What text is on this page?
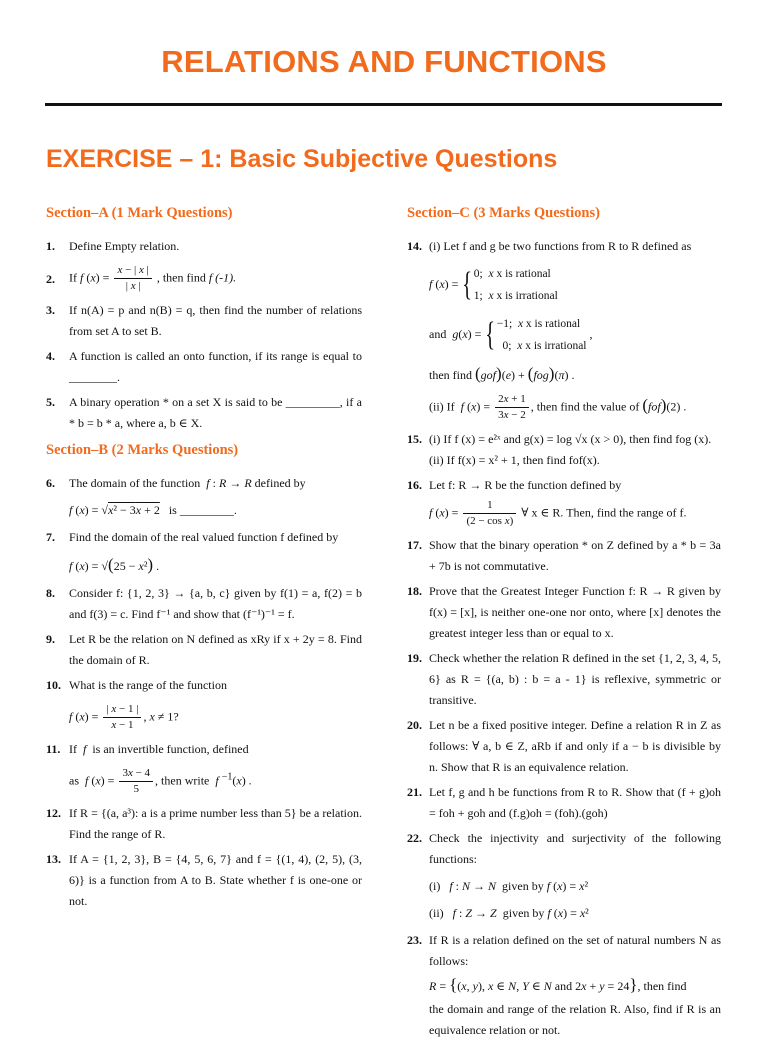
RELATIONS AND FUNCTIONS
EXERCISE – 1: Basic Subjective Questions
Section–A (1 Mark Questions)
1. Define Empty relation.
2. If f $(x) = \frac{x - | x |}{| x |}$ , then find f (-1).
3. If n(A) = p and n(B) = q, then find the number of relations from set A to set B.
4. A function is called an onto function, if its range is equal to ________.
5. A binary operation * on a set X is said to be _________, if a * b = b * a, where a, b ∈ X.
Section–B (2 Marks Questions)
6. The domain of the function f : R → R defined by
f (x) = √x² − 3x + 2 is _________.
7. Find the domain of the real valued function f defined by
f (x) = √(25 − x²) .
8. Consider f: {1, 2, 3} → {a, b, c} given by f(1) = a, f(2) = b and f(3) = c. Find f⁻¹ and show that (f⁻¹)⁻¹ = f.
9. Let R be the relation on N defined as xRy if x + 2y = 8. Find the domain of R.
10. What is the range of the function
f $(x) = \frac{| x - 1 |}{x - 1}$ , x ≠ 1?
11. If f is an invertible function, defined
as f $(x) = \frac{3x - 4}{5}$ , then write f $^{-1}$(x) .
12. If R = {(a, a³): a is a prime number less than 5} be a relation. Find the range of R.
13. If A = {1, 2, 3}, B = {4, 5, 6, 7} and f = {(1, 4), (2, 5), (3, 6)} is a function from A to B. State whether f is one-one or not.
Section–C (3 Marks Questions)
14. (i) Let f and g be two functions from R to R defined as
f (x) = {0;  x x is rational
1;  x x is irrational
and g(x) = {−1;  x x is rational
0;  x x is irrational ,
then find (gof)(e) + (fog)(π) .
(ii) If f $(x) = \frac{2x + 1}{3x - 2}$ , then find the value of (fof)(2) .
15. (i) If f (x) = e²ˣ and g(x) = log √x (x > 0), then find fog (x).
(ii) If f(x) = x² + 1, then find fof(x).
16. Let f: R → R be the function defined by
f $(x) = \frac{1}{\text{(2 − cos x)}}$ ∀ x ∈ R. Then, find the range of f.
17. Show that the binary operation * on Z defined by a * b = 3a + 7b is not commutative.
18. Prove that the Greatest Integer Function f: R → R given by f(x) = [x], is neither one-one nor onto, where [x] denotes the greatest integer less than or equal to x.
19. Check whether the relation R defined in the set {1, 2, 3, 4, 5, 6} as R = {(a, b) : b = a - 1} is reflexive, symmetric or transitive.
20. Let n be a fixed positive integer. Define a relation R in Z as follows: ∀ a, b ∈ Z, aRb if and only if a − b is divisible by n. Show that R is an equivalence relation.
21. Let f, g and h be functions from R to R. Show that (f + g)oh = foh + goh and (f.g)oh = (foh).(goh)
22. Check the injectivity and surjectivity of the following functions:
(i) f : N → N given by f (x) = x²
(ii) f : Z → Z given by f (x) = x²
23. If R is a relation defined on the set of natural numbers N as follows:
R = {(x, y), x ∈ N, Y ∈ N and 2x + y = 24}, then find
the domain and range of the relation R. Also, find if R is an equivalence relation or not.
